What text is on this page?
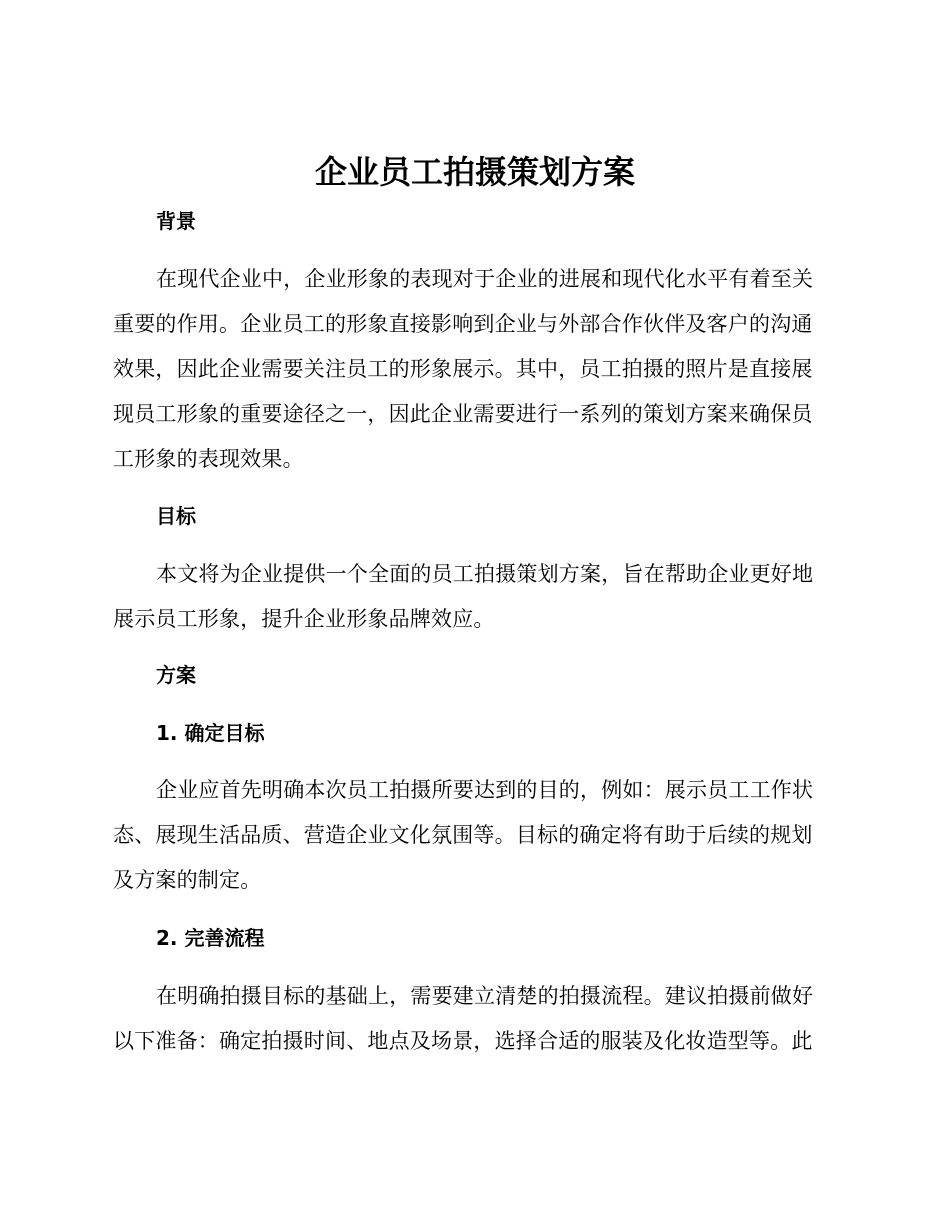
企业员工拍摄策划方案
背景
在现代企业中，企业形象的表现对于企业的进展和现代化水平有着至关
重要的作用。企业员工的形象直接影响到企业与外部合作伙伴及客户的沟通
效果，因此企业需要关注员工的形象展示。其中，员工拍摄的照片是直接展
现员工形象的重要途径之一，因此企业需要进行一系列的策划方案来确保员
工形象的表现效果。
目标
本文将为企业提供一个全面的员工拍摄策划方案，旨在帮助企业更好地
展示员工形象，提升企业形象品牌效应。
方案
1. 确定目标
企业应首先明确本次员工拍摄所要达到的目的，例如：展示员工工作状
态、展现生活品质、营造企业文化氛围等。目标的确定将有助于后续的规划
及方案的制定。
2. 完善流程
在明确拍摄目标的基础上，需要建立清楚的拍摄流程。建议拍摄前做好
以下准备：确定拍摄时间、地点及场景，选择合适的服装及化妆造型等。此
